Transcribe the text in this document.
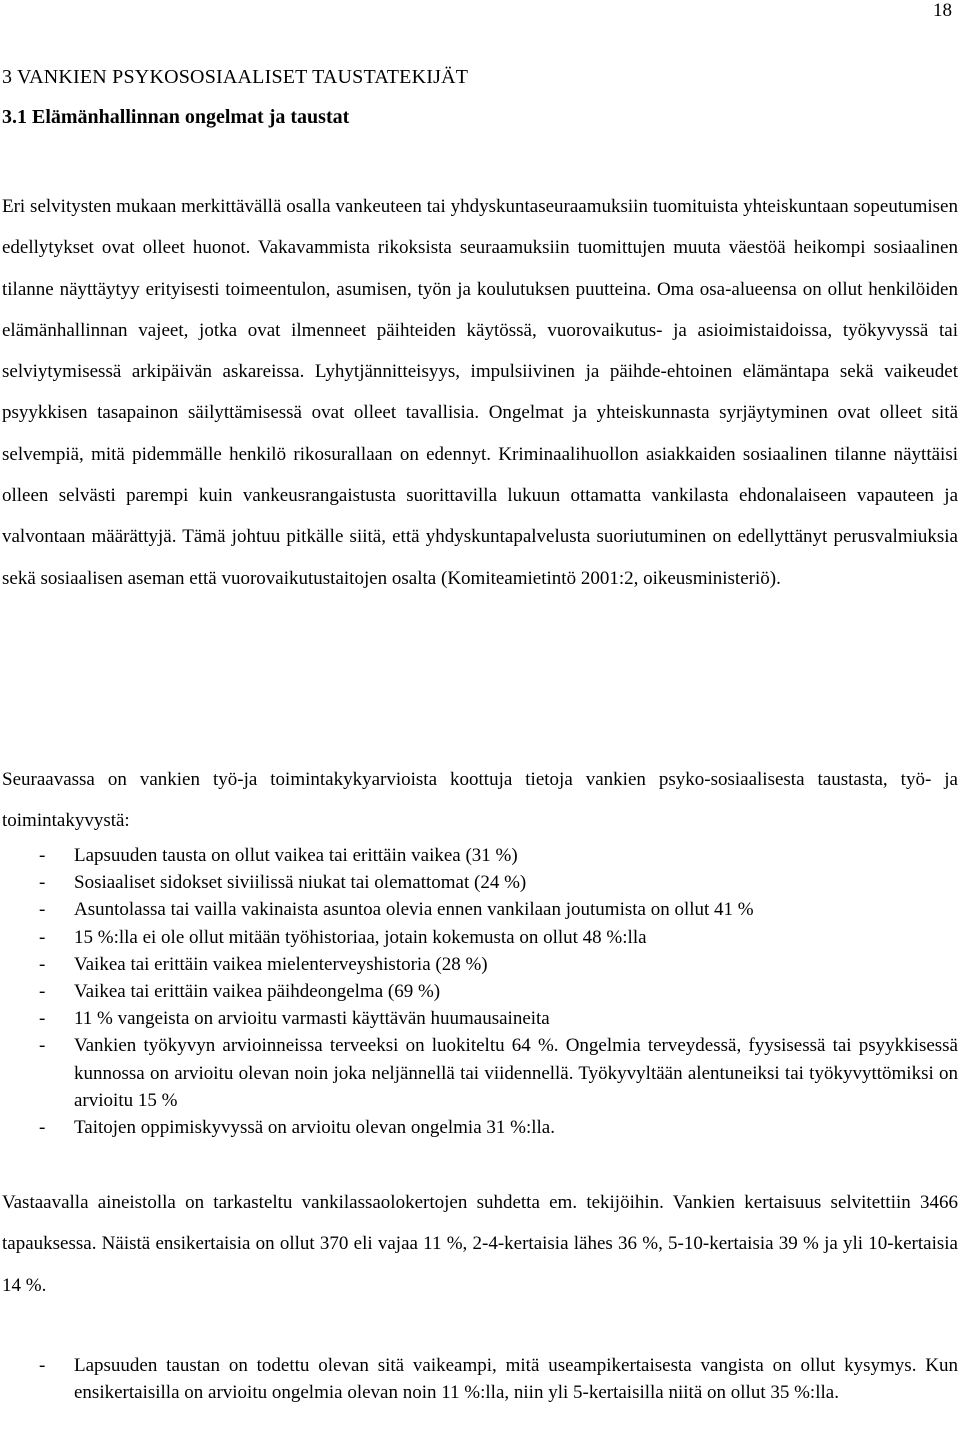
18
3 VANKIEN PSYKOSOSIAALISET TAUSTATEKIJÄT
3.1 Elämänhallinnan ongelmat ja taustat

Eri selvitysten mukaan merkittävällä osalla vankeuteen tai yhdyskuntaseuraamuksiin tuomituista yhteiskuntaan sopeutumisen edellytykset ovat olleet huonot. Vakavammista rikoksista seuraamuksiin tuomittujen muuta väestöä heikompi sosiaalinen tilanne näyttäytyy erityisesti toimeentulon, asumisen, työn ja koulutuksen puutteina. Oma osa-alueensa on ollut henkilöiden elämänhallinnan vajeet, jotka ovat ilmenneet päihteiden käytössä, vuorovaikutus- ja asioimistaidoissa, työkyvyssä tai selviytymisessä arkipäivän askareissa. Lyhytjännitteisyys, impulsiivinen ja päihde-ehtoinen elämäntapa sekä vaikeudet psyykkisen tasapainon säilyttämisessä ovat olleet tavallisia. Ongelmat ja yhteiskunnasta syrjäytyminen ovat olleet sitä selvempiä, mitä pidemmälle henkilö rikosurallaan on edennyt. Kriminaalihuollon asiakkaiden sosiaalinen tilanne näyttäisi olleen selvästi parempi kuin vankeusrangaistusta suorittavilla lukuun ottamatta vankilasta ehdonalaiseen vapauteen ja valvontaan määrättyjä. Tämä johtuu pitkälle siitä, että yhdyskuntapalvelusta suoriutuminen on edellyttänyt perusvalmiuksia sekä sosiaalisen aseman että vuorovaikutustaitojen osalta (Komiteamietintö 2001:2, oikeusministeriö).

Seuraavassa on vankien työ-ja toimintakykyarvioista koottuja tietoja vankien psyko-sosiaalisesta taustasta, työ- ja toimintakyvystä:

- Lapsuuden tausta on ollut vaikea tai erittäin vaikea (31 %)
- Sosiaaliset sidokset siviilissä niukat tai olemattomat (24 %)
- Asuntolassa tai vailla vakinaista asuntoa olevia ennen vankilaan joutumista on ollut 41 %
- 15 %:lla ei ole ollut mitään työhistoriaa, jotain kokemusta on ollut 48 %:lla
- Vaikea tai erittäin vaikea mielenterveyshistoria (28 %)
- Vaikea tai erittäin vaikea päihdeongelma (69 %)
- 11 % vangeista on arvioitu varmasti käyttävän huumausaineita
- Vankien työkyvyn arvioinneissa terveeksi on luokiteltu 64 %. Ongelmia terveydessä, fyysisessä tai psyykkisessä kunnossa on arvioitu olevan noin joka neljännellä tai viidennellä. Työkyvyltään alentuneiksi tai työkyvyttömiksi on arvioitu 15 %
- Taitojen oppimiskyvyssä on arvioitu olevan ongelmia 31 %:lla.

Vastaavalla aineistolla on tarkasteltu vankilassaolokertojen suhdetta em. tekijöihin. Vankien kertaisuus selvitettiin 3466 tapauksessa. Näistä ensikertaisia on ollut 370 eli vajaa 11 %, 2-4-kertaisia lähes 36 %, 5-10-kertaisia 39 % ja yli 10-kertaisia 14 %.

- Lapsuuden taustan on todettu olevan sitä vaikeampi, mitä useampikertaisesta vangista on ollut kysymys. Kun ensikertaisilla on arvioitu ongelmia olevan noin 11 %:lla, niin yli 5-kertaisilla niitä on ollut 35 %:lla.
